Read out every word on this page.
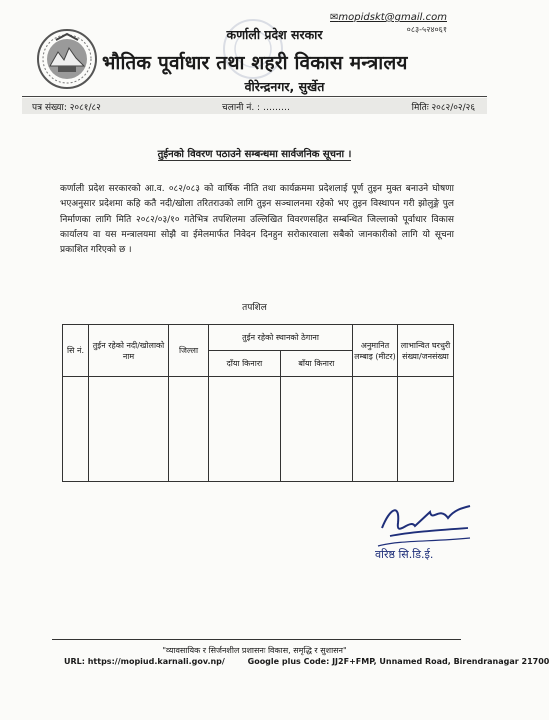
✉mopidskt@gmail.com
०८३-५२४०६१
कर्णाली प्रदेश सरकार
भौतिक पूर्वाधार तथा शहरी विकास मन्त्रालय
वीरेन्द्रनगर, सुर्खेत
पत्र संख्या: २०८१/८२	चलानी नं. : ………	मितिः २०८२/०२/२६
तुईनको विवरण पठाउने सम्बन्धमा सार्वजनिक सूचना ।

कर्णाली प्रदेश सरकारको आ.व. ०८२/०८३ को वार्षिक नीति तथा कार्यक्रममा प्रदेशलाई पूर्ण तुइन मुक्त बनाउने घोषणा भएअनुसार प्रदेशमा कहि कतै नदी/खोला तरितराउको लागि तुइन सञ्चालनमा रहेको भए तुइन विस्थापन गरी झोलुङ्गे पुल निर्माणका लागि मिति २०८२/०३/१० गतेभित्र तपशिलमा उल्लिखित विवरणसहित सम्बन्धित जिल्लाको पूर्वाधार विकास कार्यालय वा यस मन्त्रालयमा सोझै वा ईमेलमार्फत निवेदन दिनहुन सरोकारवाला सबैको जानकारीको लागि यो सूचना प्रकाशित गरिएको छ ।

तपशिल
सि नं.	तुईन रहेको नदी/खोलाको नाम	जिल्ला	तुईन रहेको स्थानको ठेगाना		अनुमानित लम्बाइ (मीटर)	लाभान्वित घरधुरी संख्या/जनसंख्या
			दाँया किनारा	बाँया किनारा		

वरिष्ठ सि.डि.ई.
"व्यावसायिक र सिर्जनशील प्रशासनः विकास, समृद्धि र सुशासन"
URL: https://mopiud.karnali.gov.np/	Google plus Code: JJ2F+FMP, Unnamed Road, Birendranagar 21700
